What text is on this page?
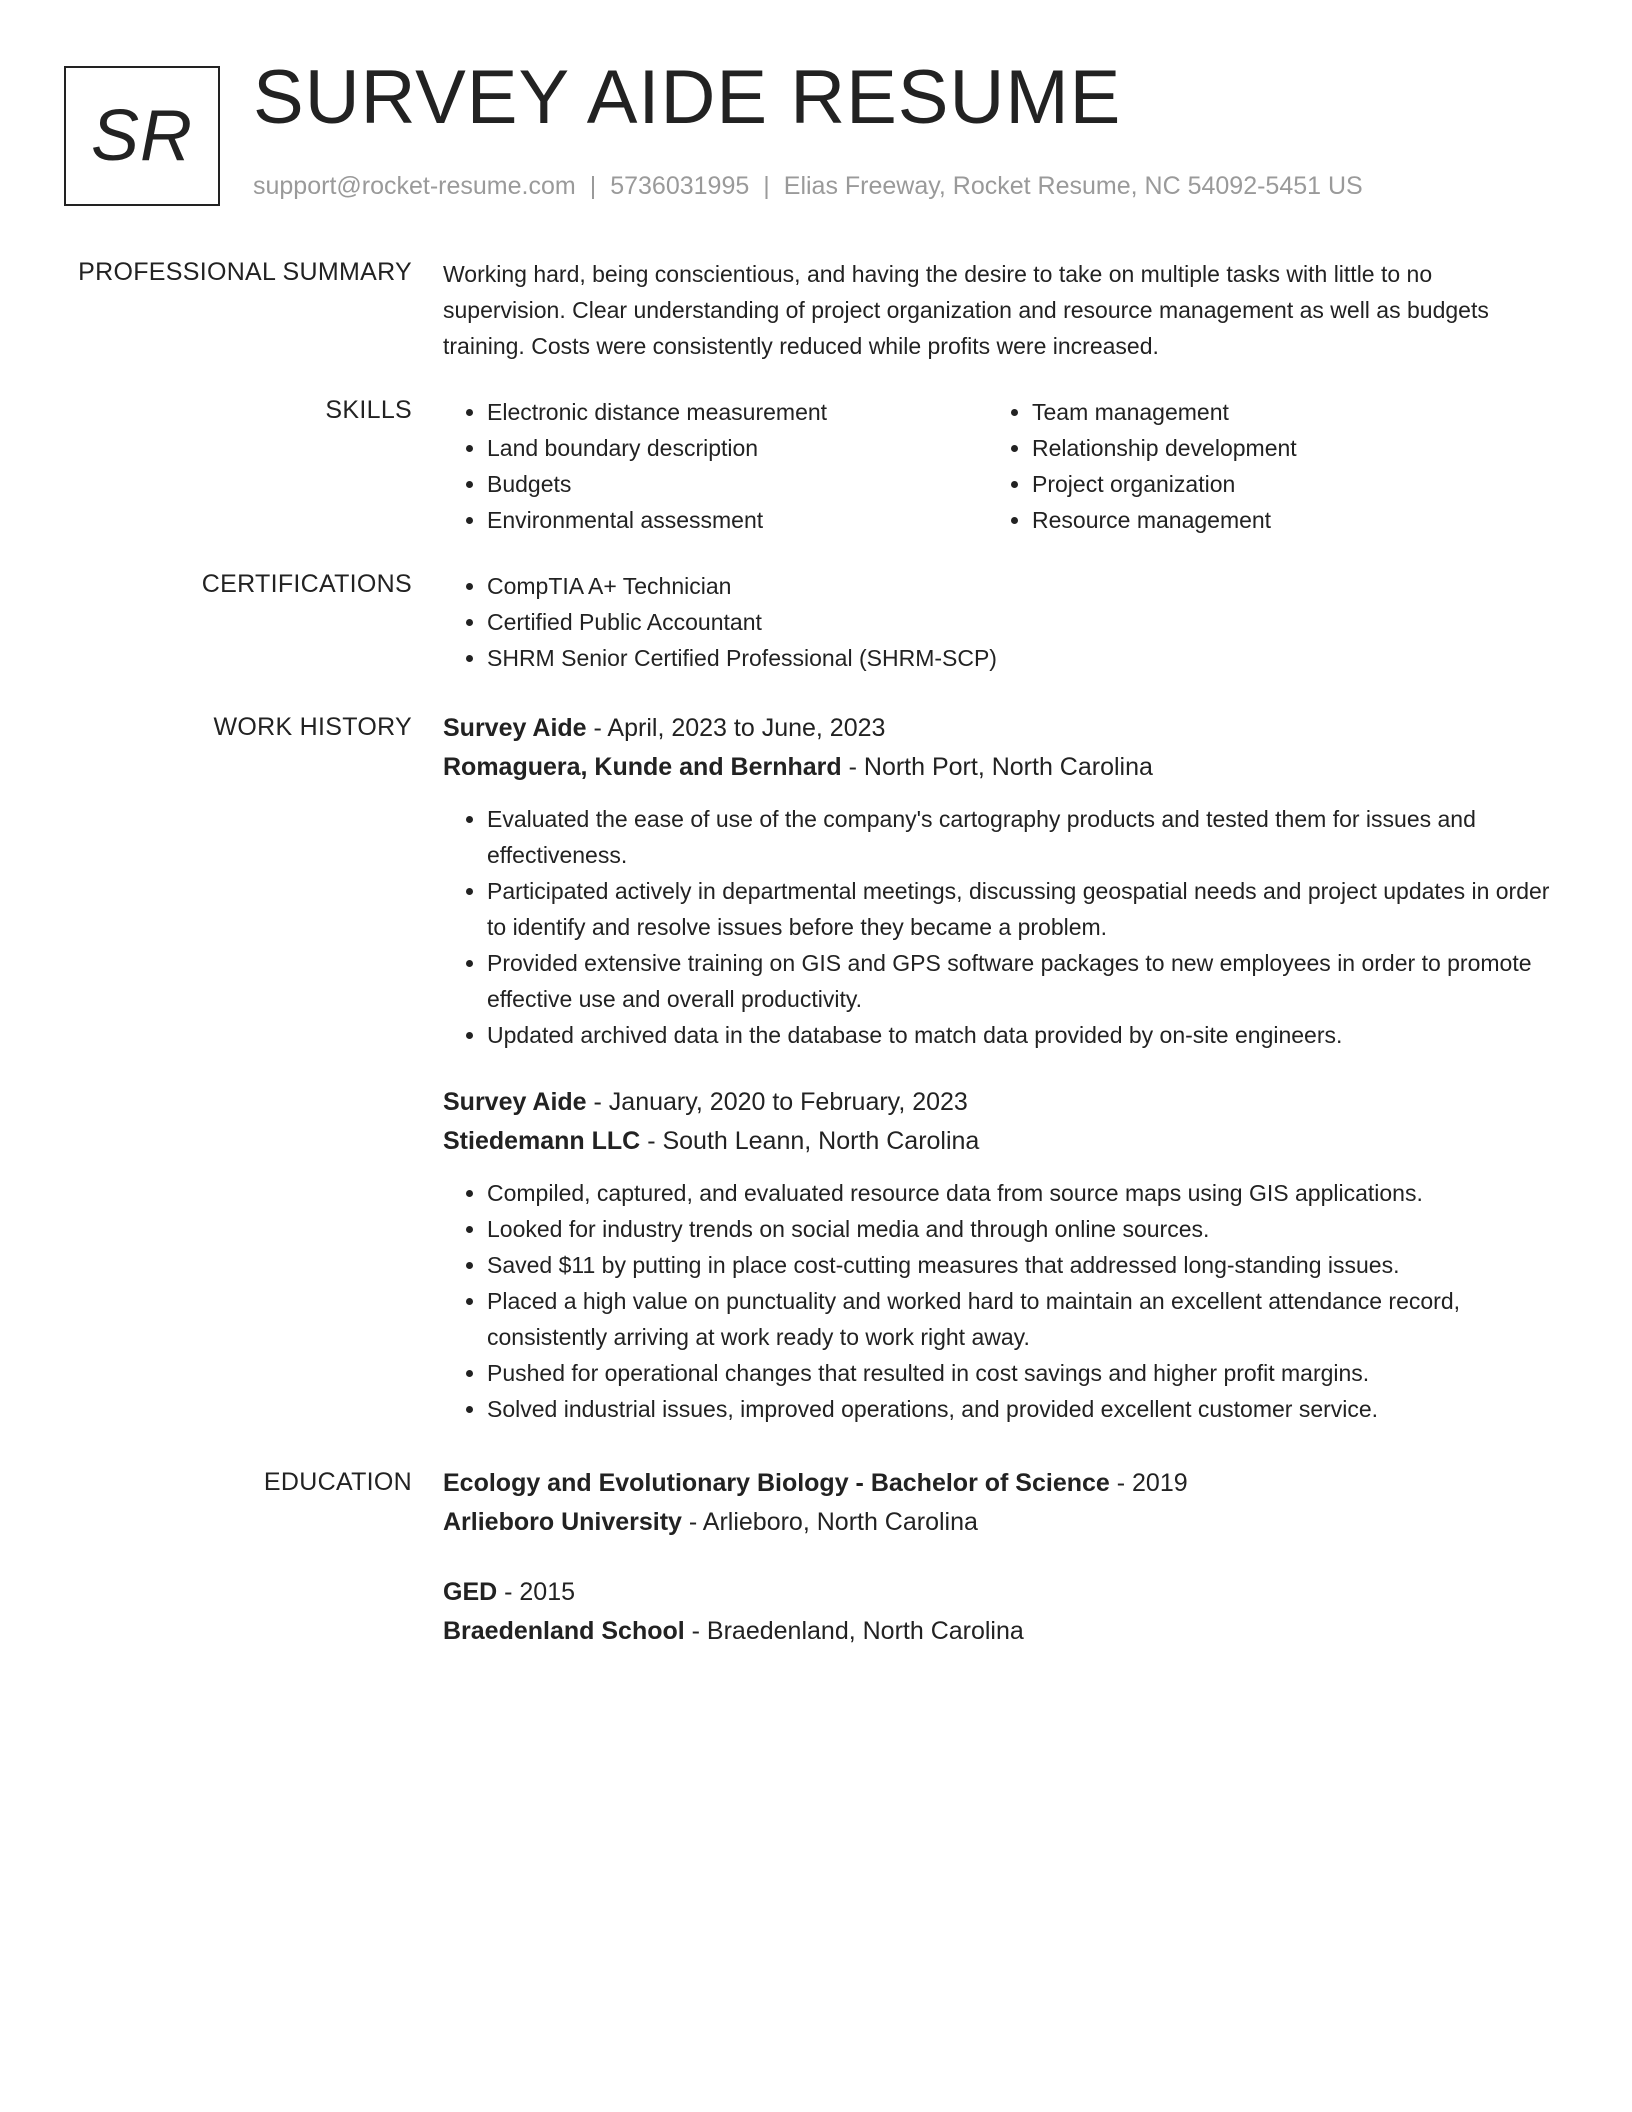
SR SURVEY AIDE RESUME
support@rocket-resume.com | 5736031995 | Elias Freeway, Rocket Resume, NC 54092-5451 US
PROFESSIONAL SUMMARY Working hard, being conscientious, and having the desire to take on multiple tasks with little to no supervision. Clear understanding of project organization and resource management as well as budgets training. Costs were consistently reduced while profits were increased.

SKILLS	• Electronic distance measurement
• Land boundary description
• Budgets
• Environmental assessment
• Team management
• Relationship development
• Project organization
• Resource management
CERTIFICATIONS	• CompTIA A+ Technician
• Certified Public Accountant
• SHRM Senior Certified Professional (SHRM-SCP)
WORK HISTORY Survey Aide - April, 2023 to June, 2023
Romaguera, Kunde and Bernhard - North Port, North Carolina
• Evaluated the ease of use of the company's cartography products and tested them for issues and effectiveness.
• Participated actively in departmental meetings, discussing geospatial needs and project updates in order to identify and resolve issues before they became a problem.
• Provided extensive training on GIS and GPS software packages to new employees in order to promote effective use and overall productivity.
• Updated archived data in the database to match data provided by on-site engineers.
Survey Aide - January, 2020 to February, 2023
Stiedemann LLC - South Leann, North Carolina
• Compiled, captured, and evaluated resource data from source maps using GIS applications.
• Looked for industry trends on social media and through online sources.
• Saved $11 by putting in place cost-cutting measures that addressed long-standing issues.
• Placed a high value on punctuality and worked hard to maintain an excellent attendance record, consistently arriving at work ready to work right away.
• Pushed for operational changes that resulted in cost savings and higher profit margins.
• Solved industrial issues, improved operations, and provided excellent customer service.
EDUCATION Ecology and Evolutionary Biology - Bachelor of Science - 2019
Arlieboro University - Arlieboro, North Carolina
GED - 2015
Braedenland School - Braedenland, North Carolina
